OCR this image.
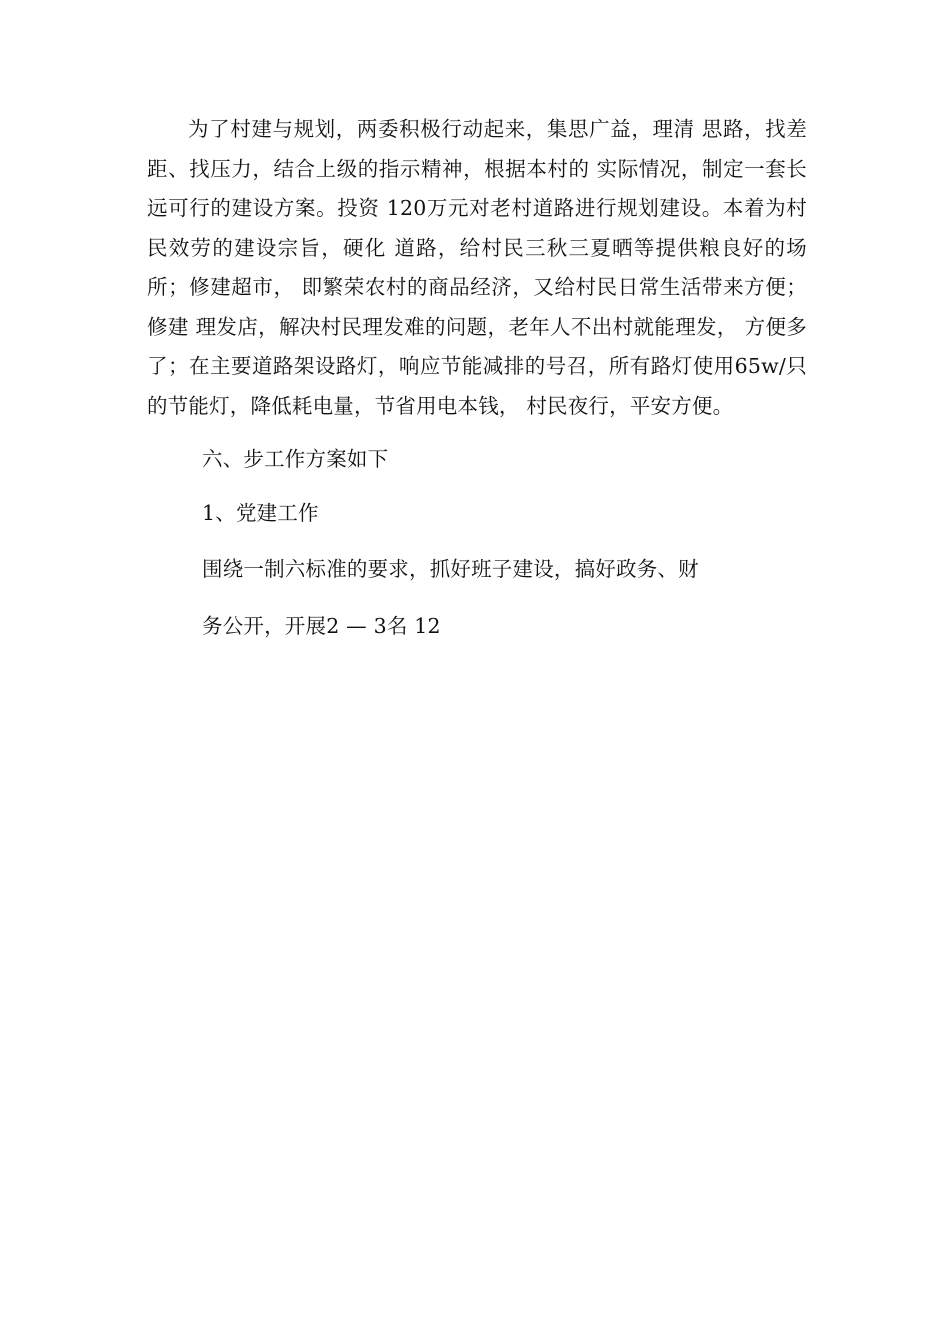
为了村建与规划，两委积极行动起来，集思广益，理清 思路，找差距、找压力，结合上级的指示精神，根据本村的 实际情况，制定一套长远可行的建设方案。投资 120万元对老村道路进行规划建设。本着为村民效劳的建设宗旨，硬化 道路，给村民三秋三夏晒等提供粮良好的场所；修建超市， 即繁荣农村的商品经济，又给村民日常生活带来方便；修建 理发店，解决村民理发难的问题，老年人不出村就能理发， 方便多了；在主要道路架设路灯，响应节能减排的号召，所有路灯使用65w/只的节能灯，降低耗电量，节省用电本钱， 村民夜行，平安方便。

六、步工作方案如下

1、党建工作

围绕一制六标准的要求，抓好班子建设，搞好政务、财

务公开，开展2 — 3名 12
